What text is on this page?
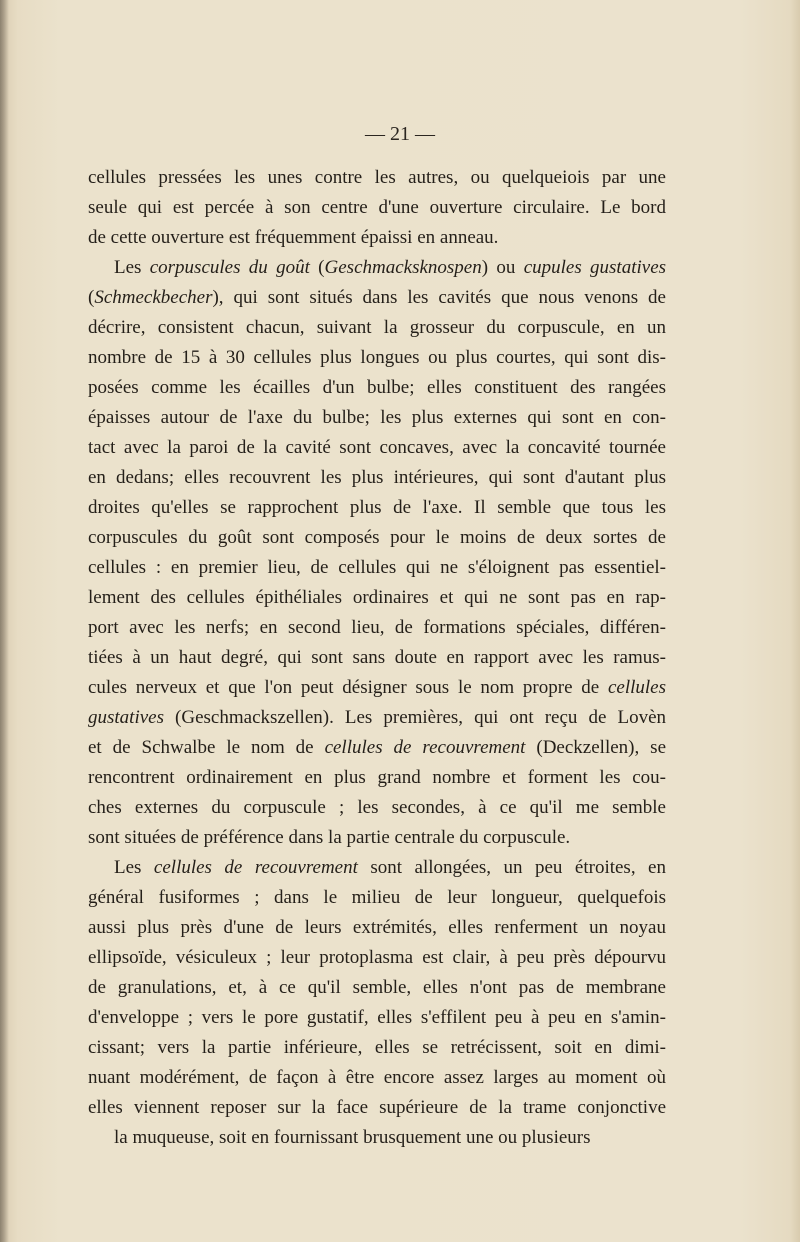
— 21 —
cellules pressées les unes contre les autres, ou quelqueiois par une
seule qui est percée à son centre d'une ouverture circulaire. Le bord
de cette ouverture est fréquemment épaissi en anneau.
Les corpuscules du goût (Geschmacksknospen) ou cupules gustatives
(Schmeckbecher), qui sont situés dans les cavités que nous venons de
décrire, consistent chacun, suivant la grosseur du corpuscule, en un
nombre de 15 à 30 cellules plus longues ou plus courtes, qui sont dis-
posées comme les écailles d'un bulbe; elles constituent des rangées
épaisses autour de l'axe du bulbe; les plus externes qui sont en con-
tact avec la paroi de la cavité sont concaves, avec la concavité tournée
en dedans; elles recouvrent les plus intérieures, qui sont d'autant plus
droites qu'elles se rapprochent plus de l'axe. Il semble que tous les
corpuscules du goût sont composés pour le moins de deux sortes de
cellules : en premier lieu, de cellules qui ne s'éloignent pas essentiel-
lement des cellules épithéliales ordinaires et qui ne sont pas en rap-
port avec les nerfs; en second lieu, de formations spéciales, différen-
tiées à un haut degré, qui sont sans doute en rapport avec les ramus-
cules nerveux et que l'on peut désigner sous le nom propre de cellules
gustatives (Geschmackszellen). Les premières, qui ont reçu de Lovèn
et de Schwalbe le nom de cellules de recouvrement (Deckzellen), se
rencontrent ordinairement en plus grand nombre et forment les cou-
ches externes du corpuscule ; les secondes, à ce qu'il me semble
sont situées de préférence dans la partie centrale du corpuscule.
Les cellules de recouvrement sont allongées, un peu étroites, en
général fusiformes ; dans le milieu de leur longueur, quelquefois
aussi plus près d'une de leurs extrémités, elles renferment un noyau
ellipsoïde, vésiculeux ; leur protoplasma est clair, à peu près dépourvu
de granulations, et, à ce qu'il semble, elles n'ont pas de membrane
d'enveloppe ; vers le pore gustatif, elles s'effilent peu à peu en s'amin-
cissant; vers la partie inférieure, elles se retrécissent, soit en dimi-
nuant modérément, de façon à être encore assez larges au moment où
elles viennent reposer sur la face supérieure de la trame conjonctive
la muqueuse, soit en fournissant brusquement une ou plusieurs
